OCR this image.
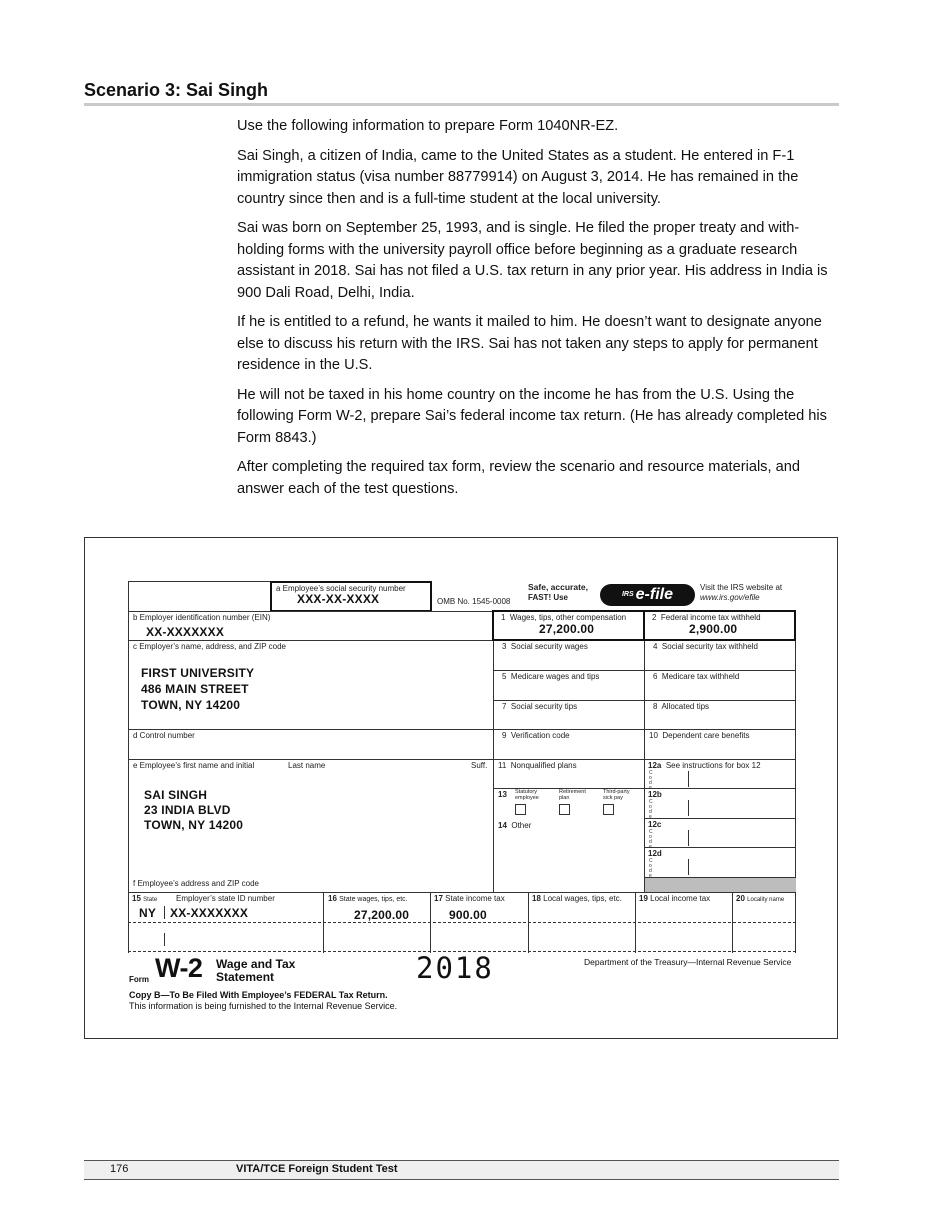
Scenario 3: Sai Singh

Use the following information to prepare Form 1040NR-EZ.

Sai Singh, a citizen of India, came to the United States as a student. He entered in F-1 immigration status (visa number 88779914) on August 3, 2014. He has remained in the country since then and is a full-time student at the local university.

Sai was born on September 25, 1993, and is single. He filed the proper treaty and with-holding forms with the university payroll office before beginning as a graduate research assistant in 2018. Sai has not filed a U.S. tax return in any prior year. His address in India is 900 Dali Road, Delhi, India.

If he is entitled to a refund, he wants it mailed to him. He doesn’t want to designate anyone else to discuss his return with the IRS. Sai has not taken any steps to apply for permanent residence in the U.S.

He will not be taxed in his home country on the income he has from the U.S. Using the following Form W-2, prepare Sai’s federal income tax return. (He has already completed his Form 8843.)

After completing the required tax form, review the scenario and resource materials, and answer each of the test questions.

a Employee’s social security number
XXX-XX-XXXX	OMB No. 1545-0008
Safe, accurate,
FAST! Use	IRS e-file	Visit the IRS website at
www.irs.gov/efile
b Employer identification number (EIN)
XX-XXXXXXX
c Employer’s name, address, and ZIP code
FIRST UNIVERSITY
486 MAIN STREET
TOWN, NY 14200
d Control number
e Employee’s first name and initial	Last name	Suff.
SAI SINGH
23 INDIA BLVD
TOWN, NY 14200
f Employee’s address and ZIP code
1 Wages, tips, other compensation
27,200.00
2 Federal income tax withheld
2,900.00
3 Social security wages	4 Social security tax withheld
5 Medicare wages and tips	6 Medicare tax withheld
7 Social security tips	8 Allocated tips
9 Verification code	10 Dependent care benefits
11 Nonqualified plans	12a See instructions for box 12
13 Statutory employee
Retirement plan
Third-party sick pay
14 Other
C o d e
12b
C o d e
12c
C o d e
12d
C o d e
15 State Employer’s state ID number
NY XX-XXXXXXX
16 State wages, tips, etc.
27,200.00
17 State income tax
900.00
18 Local wages, tips, etc. 19 Local income tax	20 Locality name
Form W-2 Wage and Tax
Statement	2018	Department of the Treasury—Internal Revenue Service
Copy B—To Be Filed With Employee’s FEDERAL Tax Return.
This information is being furnished to the Internal Revenue Service.
176	VITA/TCE Foreign Student Test
